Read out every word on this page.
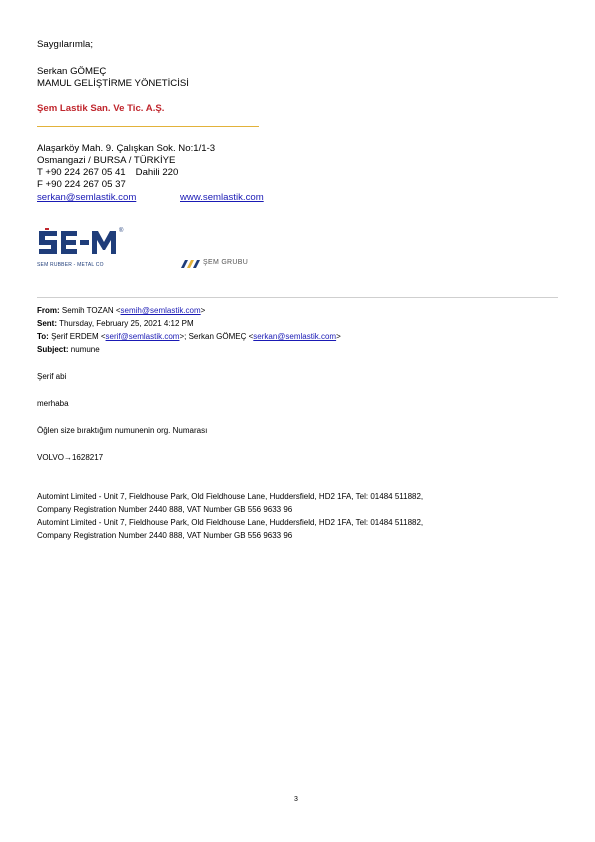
Saygılarımla;
Serkan GÖMEÇ
MAMUL GELİŞTİRME YÖNETİCİSİ
Şem Lastik San. Ve Tic. A.Ş.
Alaşarköy Mah. 9. Çalışkan Sok. No:1/1-3
Osmangazi / BURSA / TÜRKİYE
T +90 224 267 05 41 Dahili 220
F +90 224 267 05 37
serkan@semlastik.com	www.semlastik.com
®
SEM RUBBER - METAL CO	ŞEM GRUBU
From: Semih TOZAN <semih@semlastik.com>
Sent: Thursday, February 25, 2021 4:12 PM
To: Şerif ERDEM <serif@semlastik.com>; Serkan GÖMEÇ <serkan@semlastik.com>
Subject: numune
Şerif abi
merhaba
Öğlen size bıraktığım numunenin org. Numarası
VOLVO→1628217
Automint Limited - Unit 7, Fieldhouse Park, Old Fieldhouse Lane, Huddersfield, HD2 1FA, Tel: 01484 511882,
Company Registration Number 2440 888, VAT Number GB 556 9633 96
Automint Limited - Unit 7, Fieldhouse Park, Old Fieldhouse Lane, Huddersfield, HD2 1FA, Tel: 01484 511882,
Company Registration Number 2440 888, VAT Number GB 556 9633 96
3
